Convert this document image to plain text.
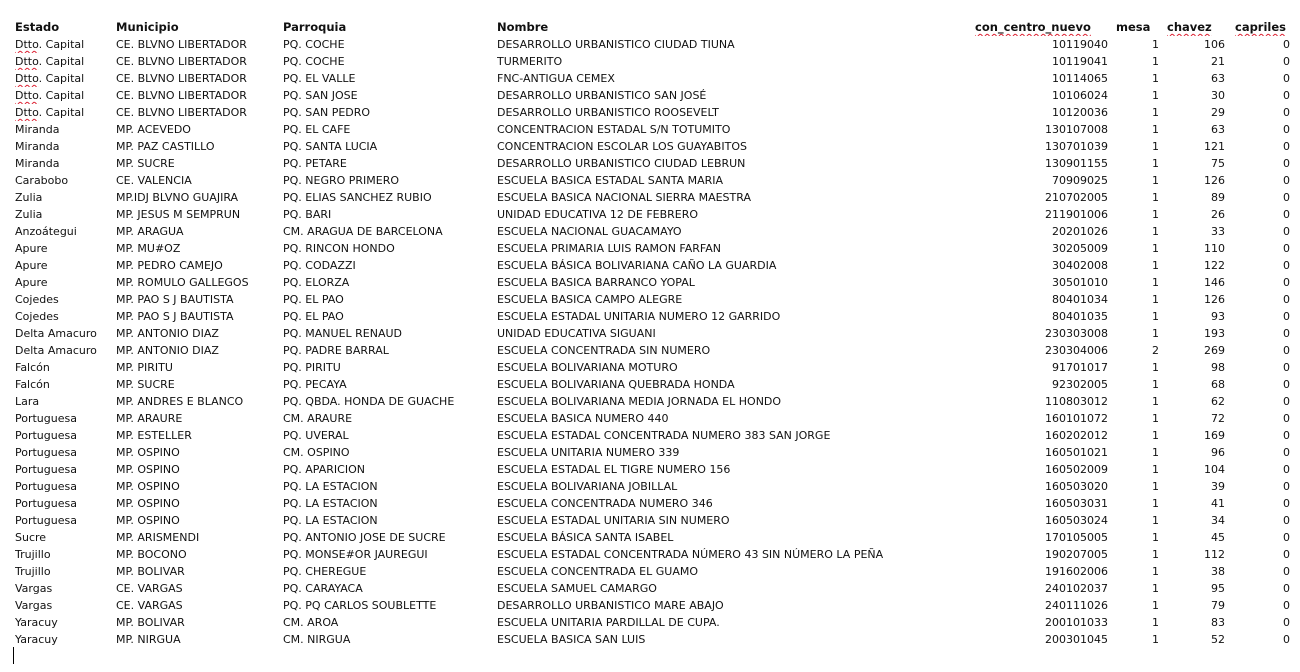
Estado	Municipio	Parroquia	Nombre	con_centro_nuevo	mesa	chavez	capriles
Dtto. Capital	CE. BLVNO LIBERTADOR	PQ. COCHE	DESARROLLO URBANISTICO CIUDAD TIUNA	10119040	1	106	0
Dtto. Capital	CE. BLVNO LIBERTADOR	PQ. COCHE	TURMERITO	10119041	1	21	0
Dtto. Capital	CE. BLVNO LIBERTADOR	PQ. EL VALLE	FNC-ANTIGUA CEMEX	10114065	1	63	0
Dtto. Capital	CE. BLVNO LIBERTADOR	PQ. SAN JOSE	DESARROLLO URBANISTICO SAN JOSÉ	10106024	1	30	0
Dtto. Capital	CE. BLVNO LIBERTADOR	PQ. SAN PEDRO	DESARROLLO URBANISTICO ROOSEVELT	10120036	1	29	0
Miranda	MP. ACEVEDO	PQ. EL CAFE	CONCENTRACION ESTADAL S/N TOTUMITO	130107008	1	63	0
Miranda	MP. PAZ CASTILLO	PQ. SANTA LUCIA	CONCENTRACION ESCOLAR LOS GUAYABITOS	130701039	1	121	0
Miranda	MP. SUCRE	PQ. PETARE	DESARROLLO URBANISTICO CIUDAD LEBRUN	130901155	1	75	0
Carabobo	CE. VALENCIA	PQ. NEGRO PRIMERO	ESCUELA BASICA ESTADAL SANTA MARIA	70909025	1	126	0
Zulia	MP.IDJ BLVNO GUAJIRA	PQ. ELIAS SANCHEZ RUBIO	ESCUELA BASICA NACIONAL SIERRA MAESTRA	210702005	1	89	0
Zulia	MP. JESUS M SEMPRUN	PQ. BARI	UNIDAD EDUCATIVA 12 DE FEBRERO	211901006	1	26	0
Anzoátegui	MP. ARAGUA	CM. ARAGUA DE BARCELONA	ESCUELA NACIONAL GUACAMAYO	20201026	1	33	0
Apure	MP. MU#OZ	PQ. RINCON HONDO	ESCUELA PRIMARIA LUIS RAMON FARFAN	30205009	1	110	0
Apure	MP. PEDRO CAMEJO	PQ. CODAZZI	ESCUELA BÁSICA BOLIVARIANA CAÑO LA GUARDIA	30402008	1	122	0
Apure	MP. ROMULO GALLEGOS	PQ. ELORZA	ESCUELA BASICA BARRANCO YOPAL	30501010	1	146	0
Cojedes	MP. PAO S J BAUTISTA	PQ. EL PAO	ESCUELA BASICA CAMPO ALEGRE	80401034	1	126	0
Cojedes	MP. PAO S J BAUTISTA	PQ. EL PAO	ESCUELA ESTADAL UNITARIA NUMERO 12 GARRIDO	80401035	1	93	0
Delta Amacuro	MP. ANTONIO DIAZ	PQ. MANUEL RENAUD	UNIDAD EDUCATIVA SIGUANI	230303008	1	193	0
Delta Amacuro	MP. ANTONIO DIAZ	PQ. PADRE BARRAL	ESCUELA CONCENTRADA SIN NUMERO	230304006	2	269	0
Falcón	MP. PIRITU	PQ. PIRITU	ESCUELA BOLIVARIANA MOTURO	91701017	1	98	0
Falcón	MP. SUCRE	PQ. PECAYA	ESCUELA BOLIVARIANA QUEBRADA HONDA	92302005	1	68	0
Lara	MP. ANDRES E BLANCO	PQ. QBDA. HONDA DE GUACHE	ESCUELA BOLIVARIANA MEDIA JORNADA EL HONDO	110803012	1	62	0
Portuguesa	MP. ARAURE	CM. ARAURE	ESCUELA BASICA NUMERO 440	160101072	1	72	0
Portuguesa	MP. ESTELLER	PQ. UVERAL	ESCUELA ESTADAL CONCENTRADA NUMERO 383 SAN JORGE	160202012	1	169	0
Portuguesa	MP. OSPINO	CM. OSPINO	ESCUELA UNITARIA NUMERO 339	160501021	1	96	0
Portuguesa	MP. OSPINO	PQ. APARICION	ESCUELA ESTADAL EL TIGRE NUMERO 156	160502009	1	104	0
Portuguesa	MP. OSPINO	PQ. LA ESTACION	ESCUELA BOLIVARIANA JOBILLAL	160503020	1	39	0
Portuguesa	MP. OSPINO	PQ. LA ESTACION	ESCUELA CONCENTRADA NUMERO 346	160503031	1	41	0
Portuguesa	MP. OSPINO	PQ. LA ESTACION	ESCUELA ESTADAL UNITARIA SIN NUMERO	160503024	1	34	0
Sucre	MP. ARISMENDI	PQ. ANTONIO JOSE DE SUCRE	ESCUELA BÁSICA SANTA ISABEL	170105005	1	45	0
Trujillo	MP. BOCONO	PQ. MONSE#OR JAUREGUI	ESCUELA ESTADAL CONCENTRADA NÚMERO 43 SIN NÚMERO LA PEÑA	190207005	1	112	0
Trujillo	MP. BOLIVAR	PQ. CHEREGUE	ESCUELA CONCENTRADA EL GUAMO	191602006	1	38	0
Vargas	CE. VARGAS	PQ. CARAYACA	ESCUELA SAMUEL CAMARGO	240102037	1	95	0
Vargas	CE. VARGAS	PQ. PQ CARLOS SOUBLETTE	DESARROLLO URBANISTICO MARE ABAJO	240111026	1	79	0
Yaracuy	MP. BOLIVAR	CM. AROA	ESCUELA UNITARIA PARDILLAL DE CUPA.	200101033	1	83	0
Yaracuy	MP. NIRGUA	CM. NIRGUA	ESCUELA BASICA SAN LUIS	200301045	1	52	0
